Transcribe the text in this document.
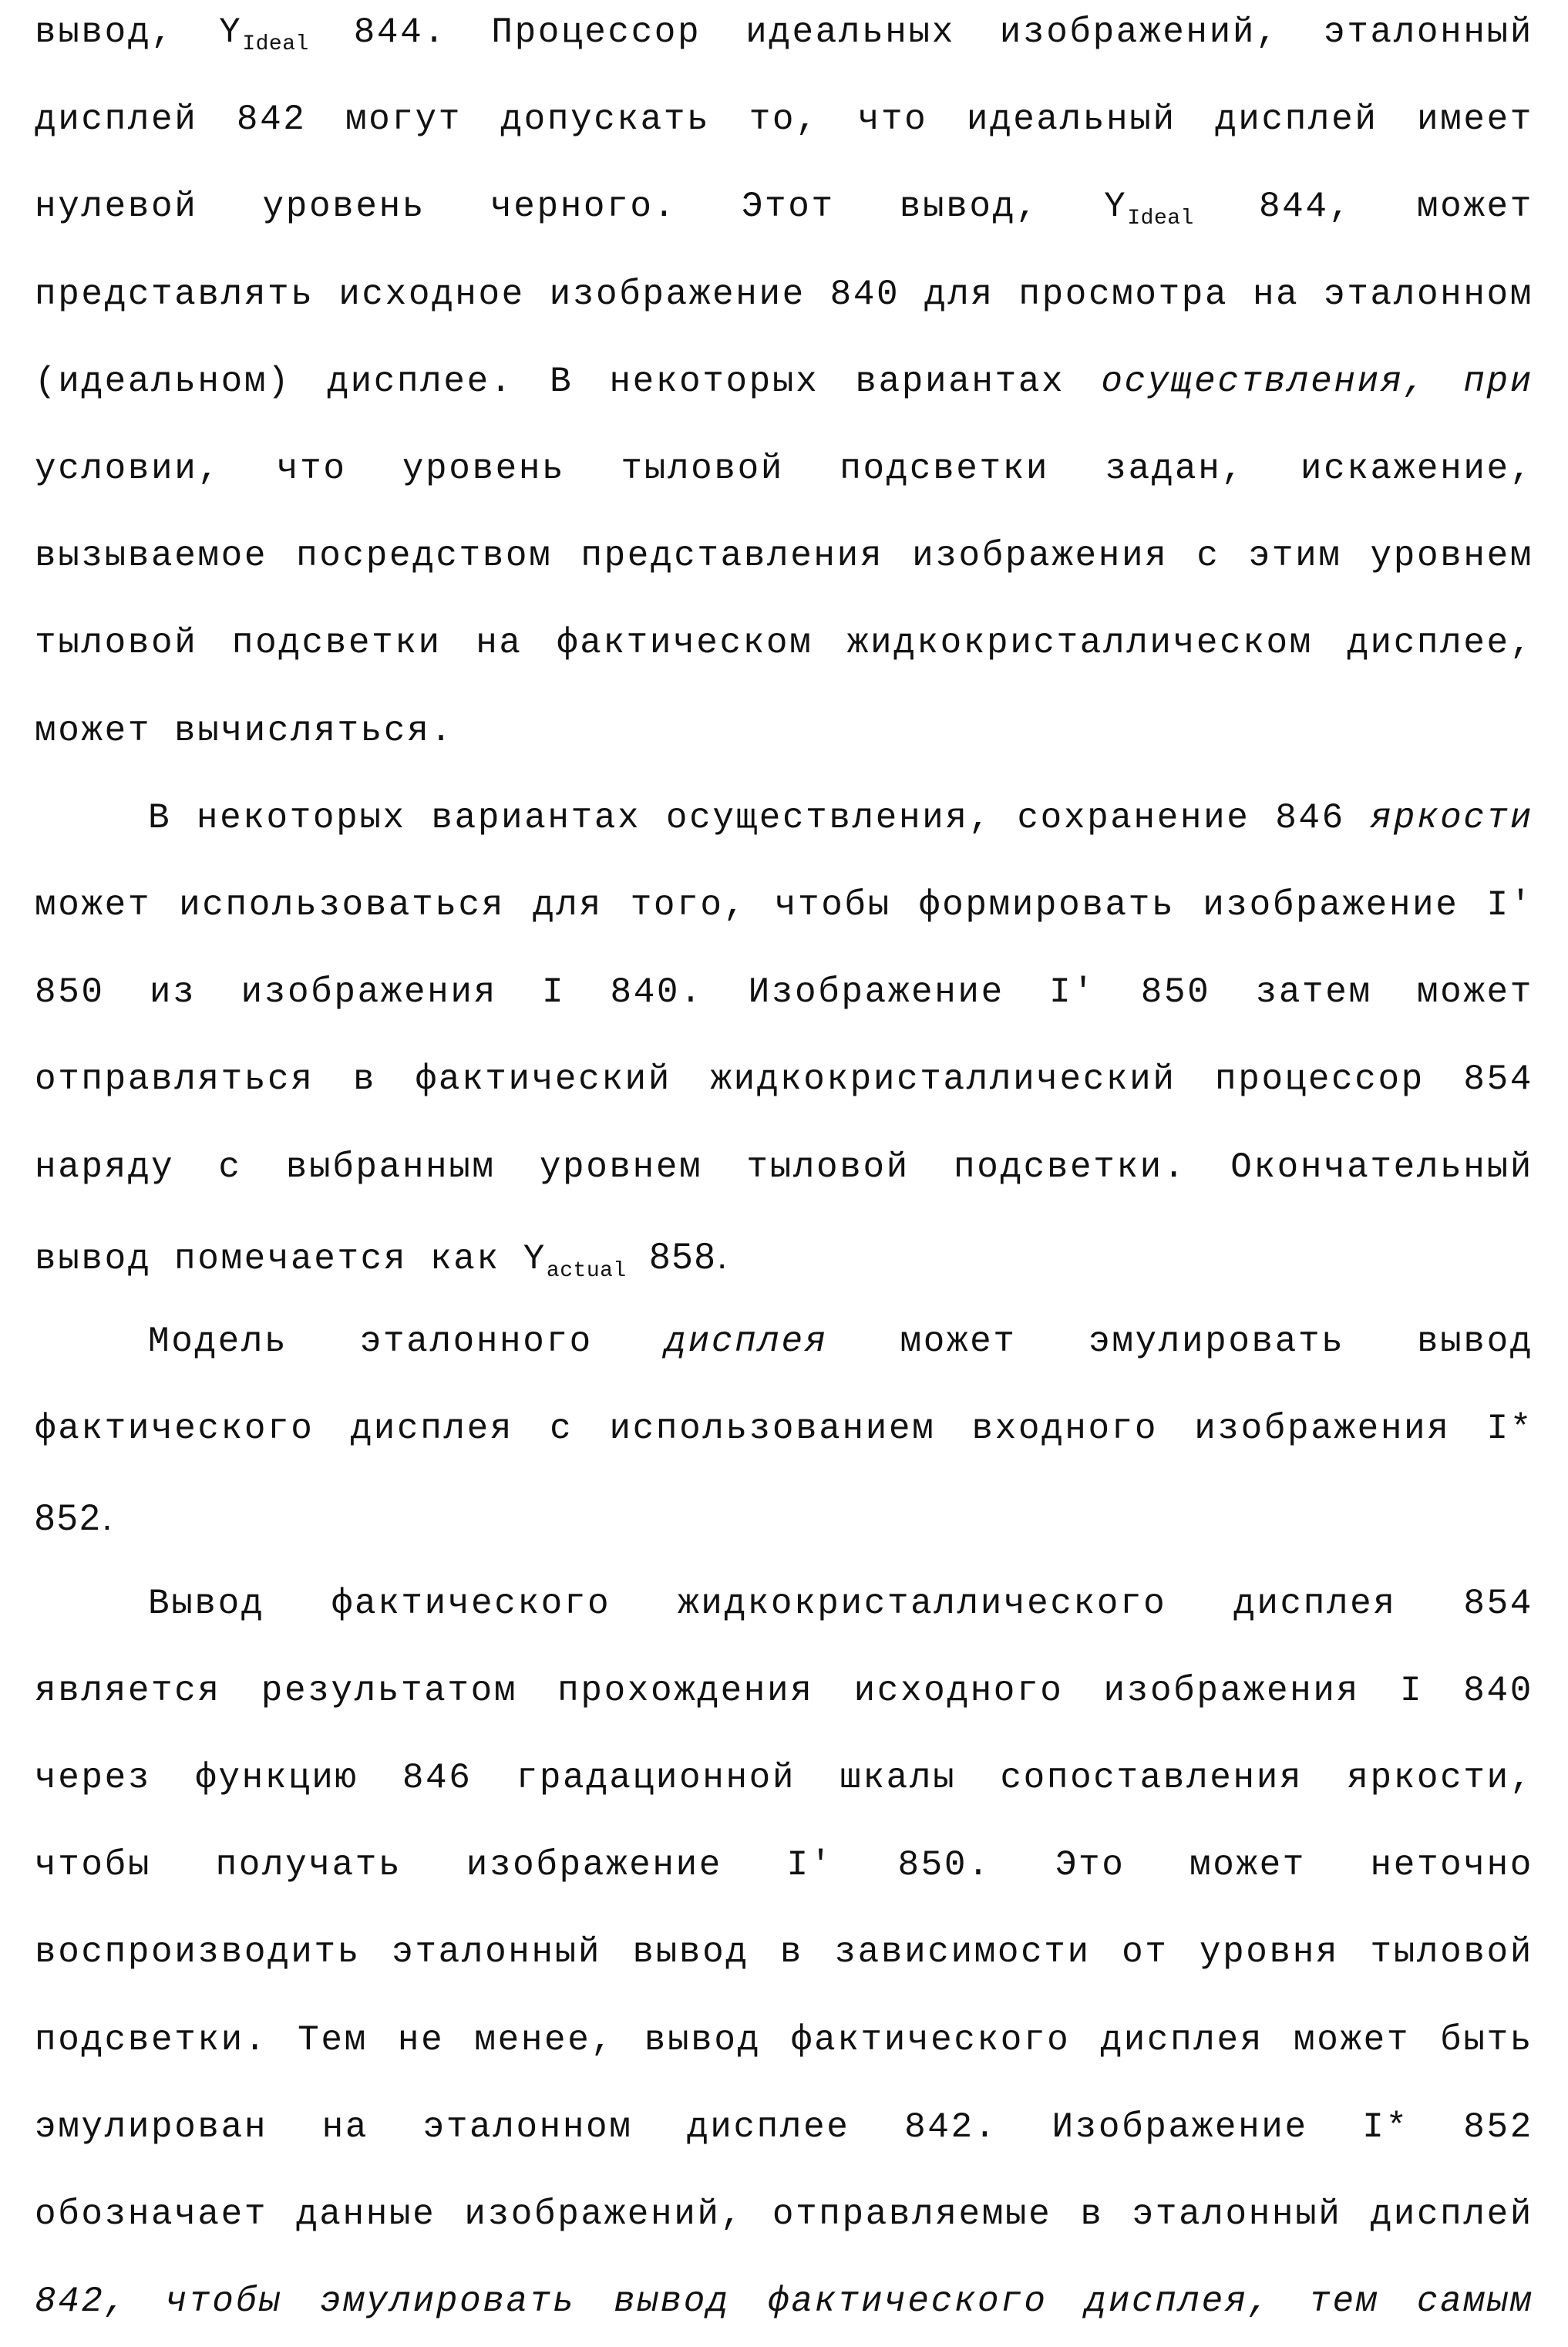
вывод, $Y_{Ideal}$ 844. Процессор идеальных изображений, эталонный
дисплей 842 могут допускать то, что идеальный дисплей имеет
нулевой уровень черного. Этот вывод, $Y_{Ideal}$ 844, может
представлять исходное изображение 840 для просмотра на эталонном
(идеальном) дисплее. В некоторых вариантах осуществления, при
условии, что уровень тыловой подсветки задан, искажение,
вызываемое посредством представления изображения с этим уровнем
тыловой подсветки на фактическом жидкокристаллическом дисплее,
может вычисляться.
В некоторых вариантах осуществления, сохранение 846 яркости
может использоваться для того, чтобы формировать изображение I'
850 из изображения I 840. Изображение I' 850 затем может
отправляться в фактический жидкокристаллический процессор 854
наряду с выбранным уровнем тыловой подсветки. Окончательный
вывод помечается как $Y_{actual}$ 858.
Модель эталонного дисплея может эмулировать вывод
фактического дисплея с использованием входного изображения I*
852.
Вывод фактического жидкокристаллического дисплея 854
является результатом прохождения исходного изображения I 840
через функцию 846 градационной шкалы сопоставления яркости,
чтобы получать изображение I' 850. Это может неточно
воспроизводить эталонный вывод в зависимости от уровня тыловой
подсветки. Тем не менее, вывод фактического дисплея может быть
эмулирован на эталонном дисплее 842. Изображение I* 852
обозначает данные изображений, отправляемые в эталонный дисплей
842, чтобы эмулировать вывод фактического дисплея, тем самым
